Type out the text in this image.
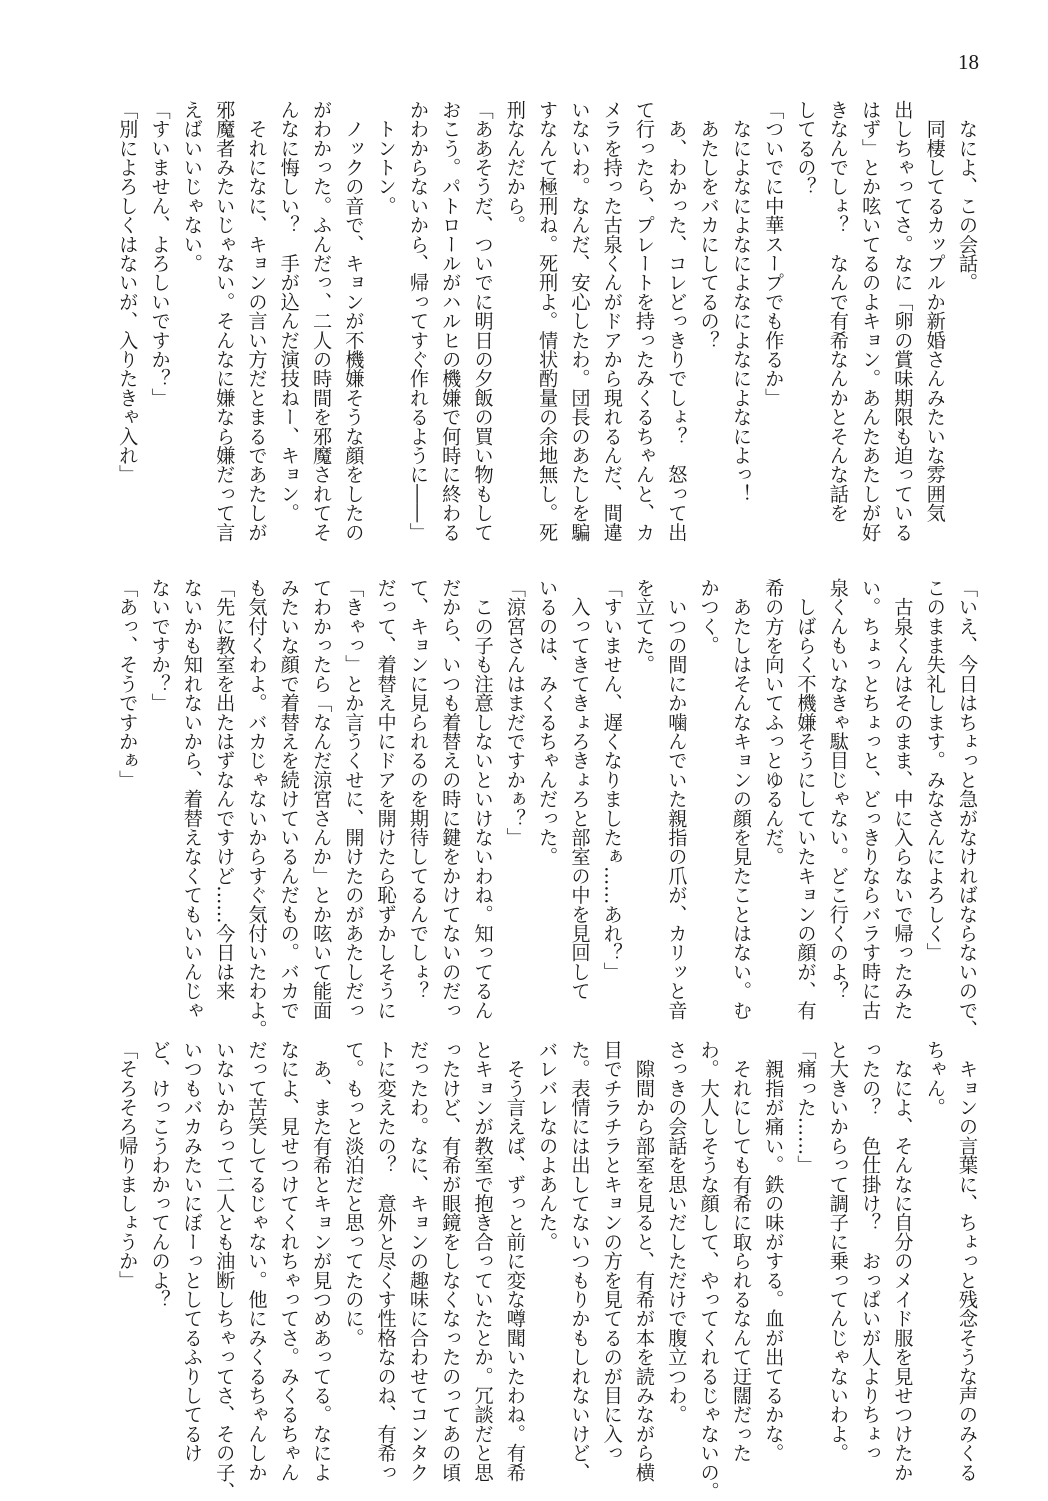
18
　なによ、この会話。
　同棲してるカップルか新婚さんみたいな雰囲気
出しちゃってさ。なに「卵の賞味期限も迫っている
はず」とか呟いてるのよキョン。あんたあたしが好
きなんでしょ？　なんで有希なんかとそんな話を
してるの？
「ついでに中華スープでも作るか」
　なによなによなによなによなによなによっ！
　あたしをバカにしてるの？
　あ、わかった、コレどっきりでしょ？　怒って出
て行ったら、プレートを持ったみくるちゃんと、カ
メラを持った古泉くんがドアから現れるんだ、間違
いないわ。なんだ、安心したわ。団長のあたしを騙
すなんて極刑ね。死刑よ。情状酌量の余地無し。死
刑なんだから。
「ああそうだ、ついでに明日の夕飯の買い物もして
おこう。パトロールがハルヒの機嫌で何時に終わる
かわからないから、帰ってすぐ作れるように――」
　トントン。
　ノックの音で、キョンが不機嫌そうな顔をしたの
がわかった。ふんだっ、二人の時間を邪魔されてそ
んなに悔しい？　手が込んだ演技ねー、キョン。
　それになに、キョンの言い方だとまるであたしが
邪魔者みたいじゃない。そんなに嫌なら嫌だって言
えばいいじゃない。
「すいません、よろしいですか？」
「別によろしくはないが、入りたきゃ入れ」
「いえ、今日はちょっと急がなければならないので、
このまま失礼します。みなさんによろしく」
　古泉くんはそのまま、中に入らないで帰ったみた
い。ちょっとちょっと、どっきりならバラす時に古
泉くんもいなきゃ駄目じゃない。どこ行くのよ？
　しばらく不機嫌そうにしていたキョンの顔が、有
希の方を向いてふっとゆるんだ。
　あたしはそんなキョンの顔を見たことはない。む
かつく。
　いつの間にか噛んでいた親指の爪が、カリッと音
を立てた。
「すいません、遅くなりましたぁ……あれ？」
　入ってきてきょろきょろと部室の中を見回して
いるのは、みくるちゃんだった。
「涼宮さんはまだですかぁ？」
　この子も注意しないといけないわね。知ってるん
だから、いつも着替えの時に鍵をかけてないのだっ
て、キョンに見られるのを期待してるんでしょ？
だって、着替え中にドアを開けたら恥ずかしそうに
「きゃっ」とか言うくせに、開けたのがあたしだっ
てわかったら「なんだ涼宮さんか」とか呟いて能面
みたいな顔で着替えを続けているんだもの。バカで
も気付くわよ。バカじゃないからすぐ気付いたわよ。
「先に教室を出たはずなんですけど……今日は来
ないかも知れないから、着替えなくてもいいんじゃ
ないですか？」
「あっ、そうですかぁ」
　キョンの言葉に、ちょっと残念そうな声のみくる
ちゃん。
　なによ、そんなに自分のメイド服を見せつけたか
ったの？　色仕掛け？　おっぱいが人よりちょっ
と大きいからって調子に乗ってんじゃないわよ。
「痛った……」
　親指が痛い。鉄の味がする。血が出てるかな。
　それにしても有希に取られるなんて迂闊だった
わ。大人しそうな顔して、やってくれるじゃないの。
さっきの会話を思いだしただけで腹立つわ。
　隙間から部室を見ると、有希が本を読みながら横
目でチラチラとキョンの方を見てるのが目に入っ
た。表情には出してないつもりかもしれないけど、
バレバレなのよあんた。
　そう言えば、ずっと前に変な噂聞いたわね。有希
とキョンが教室で抱き合っていたとか。冗談だと思
ったけど、有希が眼鏡をしなくなったのってあの頃
だったわ。なに、キョンの趣味に合わせてコンタク
トに変えたの？　意外と尽くす性格なのね、有希っ
て。もっと淡泊だと思ってたのに。
　あ、また有希とキョンが見つめあってる。なによ
なによ、見せつけてくれちゃってさ。みくるちゃん
だって苦笑してるじゃない。他にみくるちゃんしか
いないからって二人とも油断しちゃってさ、その子、
いつもバカみたいにぼーっとしてるふりしてるけ
ど、けっこうわかってんのよ？
「そろそろ帰りましょうか」
